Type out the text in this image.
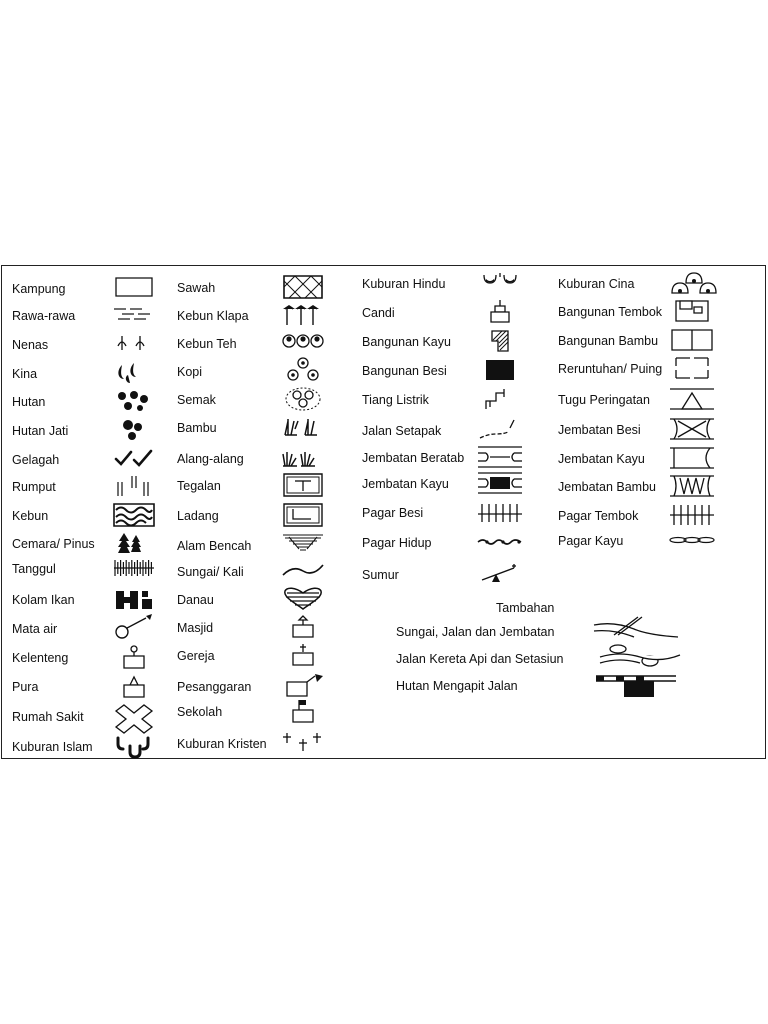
Kampung
Rawa-rawa
Nenas
Kina
Hutan
Hutan Jati
Gelagah
Rumput
Kebun
Cemara/ Pinus
Tanggul
Kolam Ikan
Mata air
Kelenteng
Pura
Rumah Sakit
Kuburan Islam
Sawah
Kebun Klapa
Kebun Teh
Kopi
Semak
Bambu
Alang-alang
Tegalan
Ladang
Alam Bencah
Sungai/ Kali
Danau
Masjid
Gereja
Pesanggaran
Sekolah
Kuburan Kristen
Kuburan Hindu
Candi
Bangunan Kayu
Bangunan Besi
Tiang Listrik
Jalan Setapak
Jembatan Beratab
Jembatan Kayu
Pagar Besi
Pagar Hidup
Sumur
Kuburan Cina
Bangunan Tembok
Bangunan Bambu
Reruntuhan/ Puing
Tugu Peringatan
Jembatan Besi
Jembatan Kayu
Jembatan Bambu
Pagar Tembok
Pagar Kayu
Tambahan
Sungai, Jalan dan Jembatan
Jalan Kereta Api dan Setasiun
Hutan Mengapit Jalan
